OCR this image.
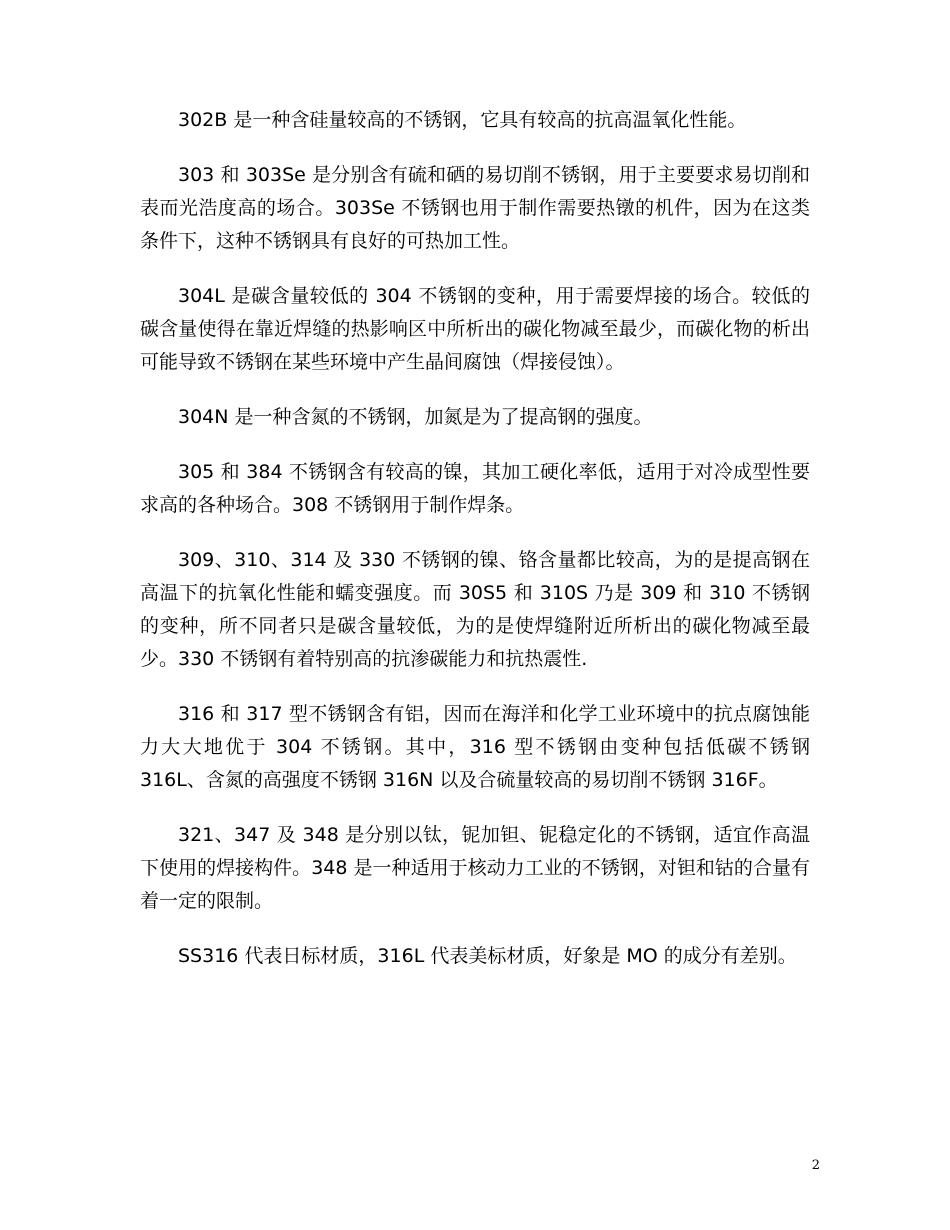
302B 是一种含硅量较高的不锈钢，它具有较高的抗高温氧化性能。

303 和 303Se 是分别含有硫和硒的易切削不锈钢，用于主要要求易切削和表而光浩度高的场合。303Se 不锈钢也用于制作需要热镦的机件，因为在这类条件下，这种不锈钢具有良好的可热加工性。

304L 是碳含量较低的 304 不锈钢的变种，用于需要焊接的场合。较低的碳含量使得在靠近焊缝的热影响区中所析出的碳化物减至最少，而碳化物的析出可能导致不锈钢在某些环境中产生晶间腐蚀（焊接侵蚀）。

304N 是一种含氮的不锈钢，加氮是为了提高钢的强度。

305 和 384 不锈钢含有较高的镍，其加工硬化率低，适用于对冷成型性要求高的各种场合。308 不锈钢用于制作焊条。

309、310、314 及 330 不锈钢的镍、铬含量都比较高，为的是提高钢在高温下的抗氧化性能和蠕变强度。而 30S5 和 310S 乃是 309 和 310 不锈钢的变种，所不同者只是碳含量较低，为的是使焊缝附近所析出的碳化物减至最少。330 不锈钢有着特别高的抗渗碳能力和抗热震性.

316 和 317 型不锈钢含有铝，因而在海洋和化学工业环境中的抗点腐蚀能力大大地优于 304 不锈钢。其中，316 型不锈钢由变种包括低碳不锈钢 316L、含氮的高强度不锈钢 316N 以及合硫量较高的易切削不锈钢 316F。

321、347 及 348 是分别以钛，铌加钽、铌稳定化的不锈钢，适宜作高温下使用的焊接构件。348 是一种适用于核动力工业的不锈钢，对钽和钴的合量有着一定的限制。

SS316 代表日标材质，316L 代表美标材质，好象是 MO 的成分有差别。

2
